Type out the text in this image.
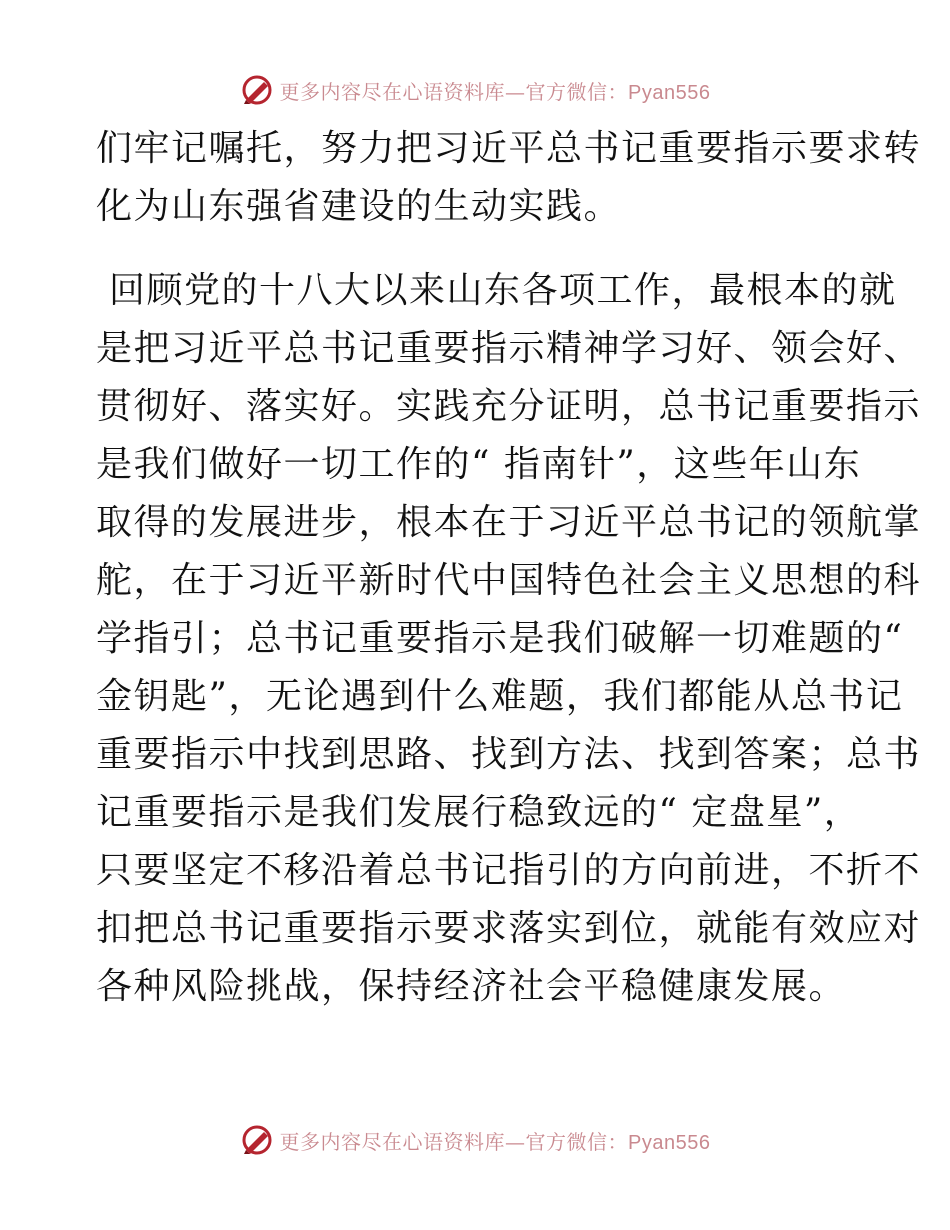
更多内容尽在心语资料库—官方微信：Pyan556
们牢记嘱托，努力把习近平总书记重要指示要求转
化为山东强省建设的生动实践。
回顾党的十八大以来山东各项工作，最根本的就
是把习近平总书记重要指示精神学习好、领会好、
贯彻好、落实好。实践充分证明，总书记重要指示
是我们做好一切工作的“ 指南针”，这些年山东
取得的发展进步，根本在于习近平总书记的领航掌
舵，在于习近平新时代中国特色社会主义思想的科
学指引；总书记重要指示是我们破解一切难题的“
金钥匙”，无论遇到什么难题，我们都能从总书记
重要指示中找到思路、找到方法、找到答案；总书
记重要指示是我们发展行稳致远的“ 定盘星”，
只要坚定不移沿着总书记指引的方向前进，不折不
扣把总书记重要指示要求落实到位，就能有效应对
各种风险挑战，保持经济社会平稳健康发展。
更多内容尽在心语资料库—官方微信：Pyan556
